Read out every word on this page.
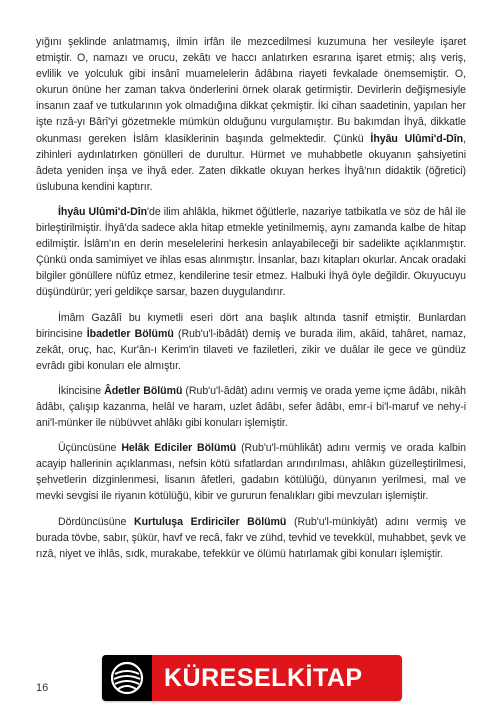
yığını şeklinde anlatmamış, ilmin irfân ile mezcedilmesi kuzumuna her vesileyle işaret etmiştir. O, namazı ve orucu, zekâtı ve haccı anlatırken esrarına işaret etmiş; alış veriş, evlilik ve yolculuk gibi insânî muamelelerin âdâbına riayeti fevkalade önemsemiştir. O, okurun önüne her zaman takva önderlerini örnek olarak getirmiştir. Devirlerin değişmesiyle insanın zaaf ve tutkularının yok olmadığına dikkat çekmiştir. İki cihan saadetinin, yapılan her işte rızâ-yı Bârî'yi gözetmekle mümkün olduğunu vurgulamıştır. Bu bakımdan İhyâ, dikkatle okunması gereken İslâm klasiklerinin başında gelmektedir. Çünkü İhyâu Ulûmi'd-Dîn, zihinleri aydınlatırken gönülleri de durultur. Hürmet ve muhabbetle okuyanın şahsiyetini âdeta yeniden inşa ve ihyâ eder. Zaten dikkatle okuyan herkes İhyâ'nın didaktik (öğretici) üslubuna kendini kaptırır.

İhyâu Ulûmi'd-Dîn'de ilim ahlâkla, hikmet öğütlerle, nazariye tatbikatla ve söz de hâl ile birleştirilmiştir. İhyâ'da sadece akla hitap etmekle yetinilmemiş, aynı zamanda kalbe de hitap edilmiştir. İslâm'ın en derin meselelerini herkesin anlayabileceği bir sadelikte açıklanmıştır. Çünkü onda samimiyet ve ihlas esas alınmıştır. İnsanlar, bazı kitapları okurlar. Ancak oradaki bilgiler gönüllere nüfûz etmez, kendilerine tesir etmez. Halbuki İhyâ öyle değildir. Okuyucuyu düşündürür; yeri geldikçe sarsar, bazen duygulandırır.

İmâm Gazâlî bu kıymetli eseri dört ana başlık altında tasnif etmiştir. Bunlardan birincisine İbadetler Bölümü (Rub'u'l-ibâdât) demiş ve burada ilim, akâid, tahâret, namaz, zekât, oruç, hac, Kur'ân-ı Kerim'in tilaveti ve faziletleri, zikir ve duâlar ile gece ve gündüz evrâdı gibi konuları ele almıştır.

İkincisine Âdetler Bölümü (Rub'u'l-âdât) adını vermiş ve orada yeme içme âdâbı, nikâh âdâbı, çalışıp kazanma, helâl ve haram, uzlet âdâbı, sefer âdâbı, emr-i bi'l-maruf ve nehy-i ani'l-münker ile nübüvvet ahlâkı gibi konuları işlemiştir.

Üçüncüsüne Helâk Ediciler Bölümü (Rub'u'l-mühlikât) adını vermiş ve orada kalbin acayip hallerinin açıklanması, nefsin kötü sıfatlardan arındırılması, ahlâkın güzelleştirilmesi, şehvetlerin dizginlenmesi, lisanın âfetleri, gadabın kötülüğü, dünyanın yerilmesi, mal ve mevki sevgisi ile riyanın kötülüğü, kibir ve gururun fenalıkları gibi mevzuları işlemiştir.

Dördüncüsüne Kurtuluşa Erdiriciler Bölümü (Rub'u'l-münkiyât) adını vermiş ve burada tövbe, sabır, şükür, havf ve recâ, fakr ve zühd, tevhid ve tevekkül, muhabbet, şevk ve rızâ, niyet ve ihlâs, sıdk, murakabe, tefekkür ve ölümü hatırlamak gibi konuları işlemiştir.

16	KÜRESELKİTAP
